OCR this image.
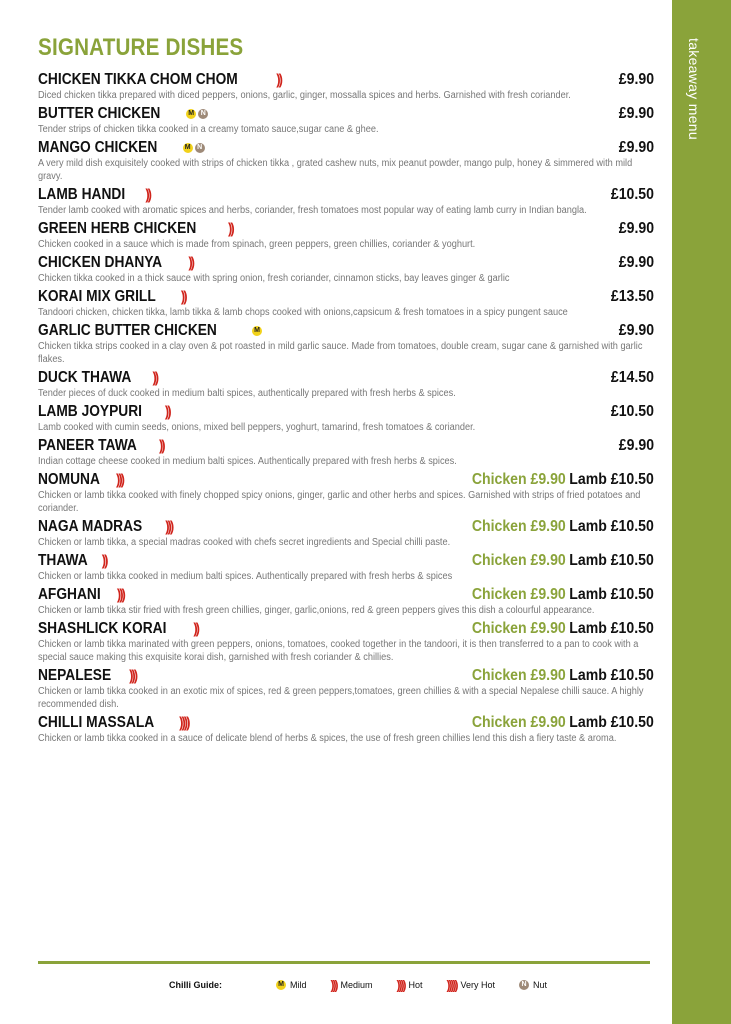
takeaway menu
SIGNATURE DISHES
CHICKEN TIKKA CHOM CHOM	))	£9.90
Diced chicken tikka prepared with diced peppers, onions, garlic, ginger, mossalla spices and herbs. Garnished with fresh coriander.
BUTTER CHICKEN	M N	£9.90
Tender strips of chicken tikka cooked in a creamy tomato sauce,sugar cane & ghee.
MANGO CHICKEN	M N	£9.90
A very mild dish exquisitely cooked with strips of chicken tikka , grated cashew nuts, mix peanut powder, mango pulp, honey & simmered with mild gravy.
LAMB HANDI ))	£10.50
Tender lamb cooked with aromatic spices and herbs, coriander, fresh tomatoes most popular way of eating lamb curry in Indian bangla.
GREEN HERB CHICKEN ))	£9.90
Chicken cooked in a sauce which is made from spinach, green peppers, green chillies, coriander & yoghurt.
CHICKEN DHANYA ))	£9.90
Chicken tikka cooked in a thick sauce with spring onion, fresh coriander, cinnamon sticks, bay leaves ginger & garlic
KORAI MIX GRILL ))	£13.50
Tandoori chicken, chicken tikka, lamb tikka & lamb chops cooked with onions,capsicum & fresh tomatoes in a spicy pungent sauce
GARLIC BUTTER CHICKEN	M	£9.90
Chicken tikka strips cooked in a clay oven & pot roasted in mild garlic sauce. Made from tomatoes, double cream, sugar cane & garnished with garlic flakes.
DUCK THAWA ))	£14.50
Tender pieces of duck cooked in medium balti spices, authentically prepared with fresh herbs & spices.
LAMB JOYPURI ))	£10.50
Lamb cooked with cumin seeds, onions, mixed bell peppers, yoghurt, tamarind, fresh tomatoes & coriander.
PANEER TAWA ))	£9.90
Indian cottage cheese cooked in medium balti spices. Authentically prepared with fresh herbs & spices.
NOMUNA )))	Chicken £9.90 Lamb £10.50
Chicken or lamb tikka cooked with finely chopped spicy onions, ginger, garlic and other herbs and spices. Garnished with strips of fried potatoes and coriander.
NAGA MADRAS )))	Chicken £9.90 Lamb £10.50
Chicken or lamb tikka, a special madras cooked with chefs secret ingredients and Special chilli paste.
THAWA ))	Chicken £9.90 Lamb £10.50
Chicken or lamb tikka cooked in medium balti spices. Authentically prepared with fresh herbs & spices
AFGHANI )))	Chicken £9.90 Lamb £10.50
Chicken or lamb tikka stir fried with fresh green chillies, ginger, garlic,onions, red & green peppers gives this dish a colourful appearance.
SHASHLICK KORAI ))	Chicken £9.90 Lamb £10.50
Chicken or lamb tikka marinated with green peppers, onions, tomatoes, cooked together in the tandoori, it is then transferred to a pan to cook with a special sauce making this exquisite korai dish, garnished with fresh coriander & chillies.
NEPALESE )))	Chicken £9.90 Lamb £10.50
Chicken or lamb tikka cooked in an exotic mix of spices, red & green peppers,tomatoes, green chillies & with a special Nepalese chilli sauce. A highly recommended dish.
CHILLI MASSALA ))))	Chicken £9.90 Lamb £10.50
Chicken or lamb tikka cooked in a sauce of delicate blend of herbs & spices, the use of fresh green chillies lend this dish a fiery taste & aroma.
Chilli Guide:	M Mild ))) Medium )))) Hot ))))) Very Hot	N Nut
